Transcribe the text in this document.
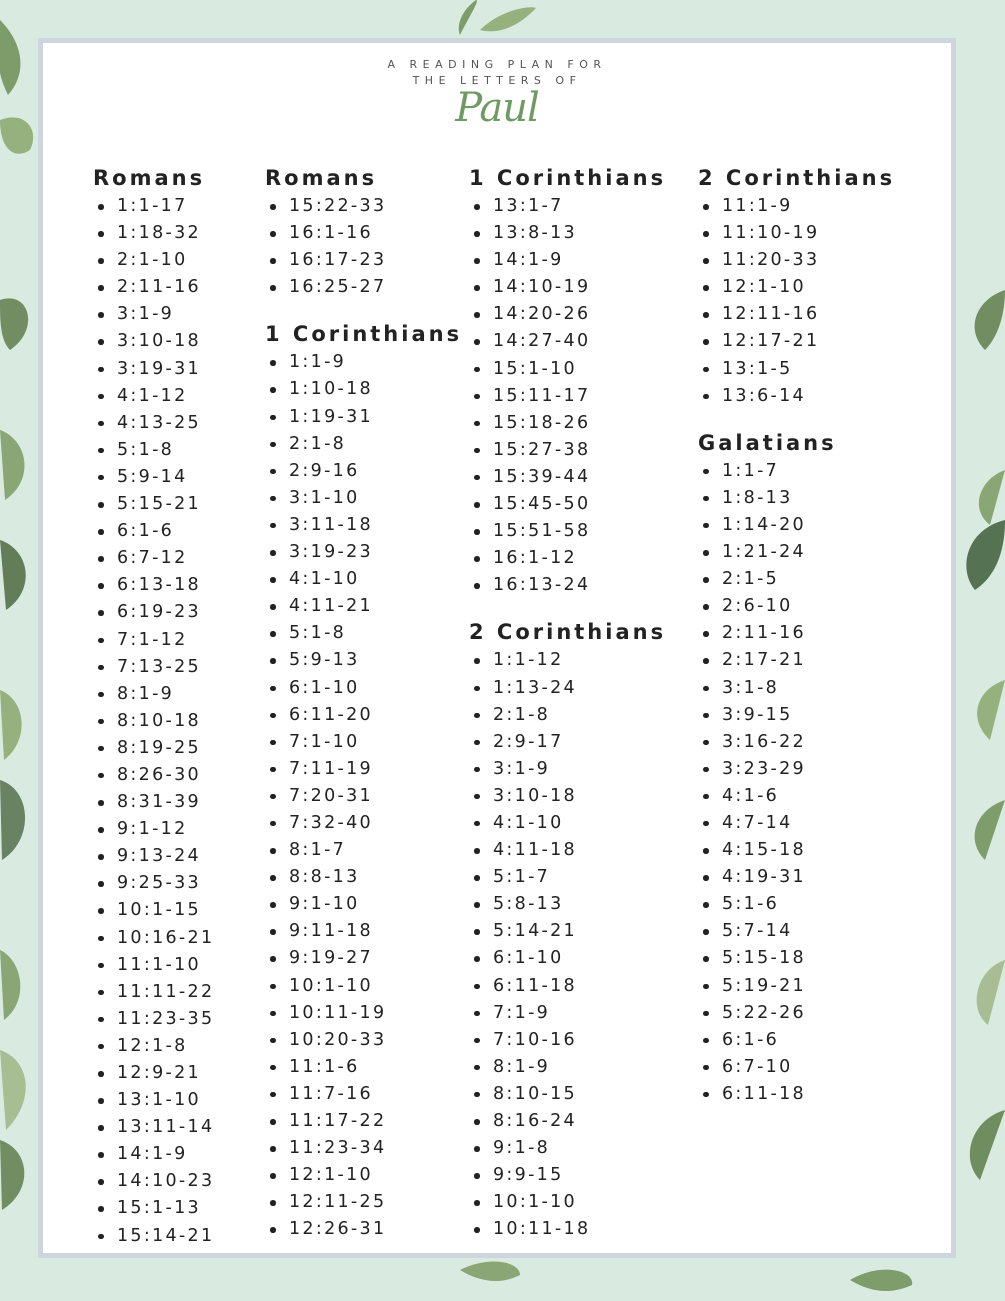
A READING PLAN FOR
THE LETTERS OF
Paul
Romans
1:1-17
1:18-32
2:1-10
2:11-16
3:1-9
3:10-18
3:19-31
4:1-12
4:13-25
5:1-8
5:9-14
5:15-21
6:1-6
6:7-12
6:13-18
6:19-23
7:1-12
7:13-25
8:1-9
8:10-18
8:19-25
8:26-30
8:31-39
9:1-12
9:13-24
9:25-33
10:1-15
10:16-21
11:1-10
11:11-22
11:23-35
12:1-8
12:9-21
13:1-10
13:11-14
14:1-9
14:10-23
15:1-13
15:14-21
Romans
15:22-33
16:1-16
16:17-23
16:25-27
1 Corinthians
1:1-9
1:10-18
1:19-31
2:1-8
2:9-16
3:1-10
3:11-18
3:19-23
4:1-10
4:11-21
5:1-8
5:9-13
6:1-10
6:11-20
7:1-10
7:11-19
7:20-31
7:32-40
8:1-7
8:8-13
9:1-10
9:11-18
9:19-27
10:1-10
10:11-19
10:20-33
11:1-6
11:7-16
11:17-22
11:23-34
12:1-10
12:11-25
12:26-31
1 Corinthians
13:1-7
13:8-13
14:1-9
14:10-19
14:20-26
14:27-40
15:1-10
15:11-17
15:18-26
15:27-38
15:39-44
15:45-50
15:51-58
16:1-12
16:13-24
2 Corinthians
1:1-12
1:13-24
2:1-8
2:9-17
3:1-9
3:10-18
4:1-10
4:11-18
5:1-7
5:8-13
5:14-21
6:1-10
6:11-18
7:1-9
7:10-16
8:1-9
8:10-15
8:16-24
9:1-8
9:9-15
10:1-10
10:11-18
2 Corinthians
11:1-9
11:10-19
11:20-33
12:1-10
12:11-16
12:17-21
13:1-5
13:6-14
Galatians
1:1-7
1:8-13
1:14-20
1:21-24
2:1-5
2:6-10
2:11-16
2:17-21
3:1-8
3:9-15
3:16-22
3:23-29
4:1-6
4:7-14
4:15-18
4:19-31
5:1-6
5:7-14
5:15-18
5:19-21
5:22-26
6:1-6
6:7-10
6:11-18
